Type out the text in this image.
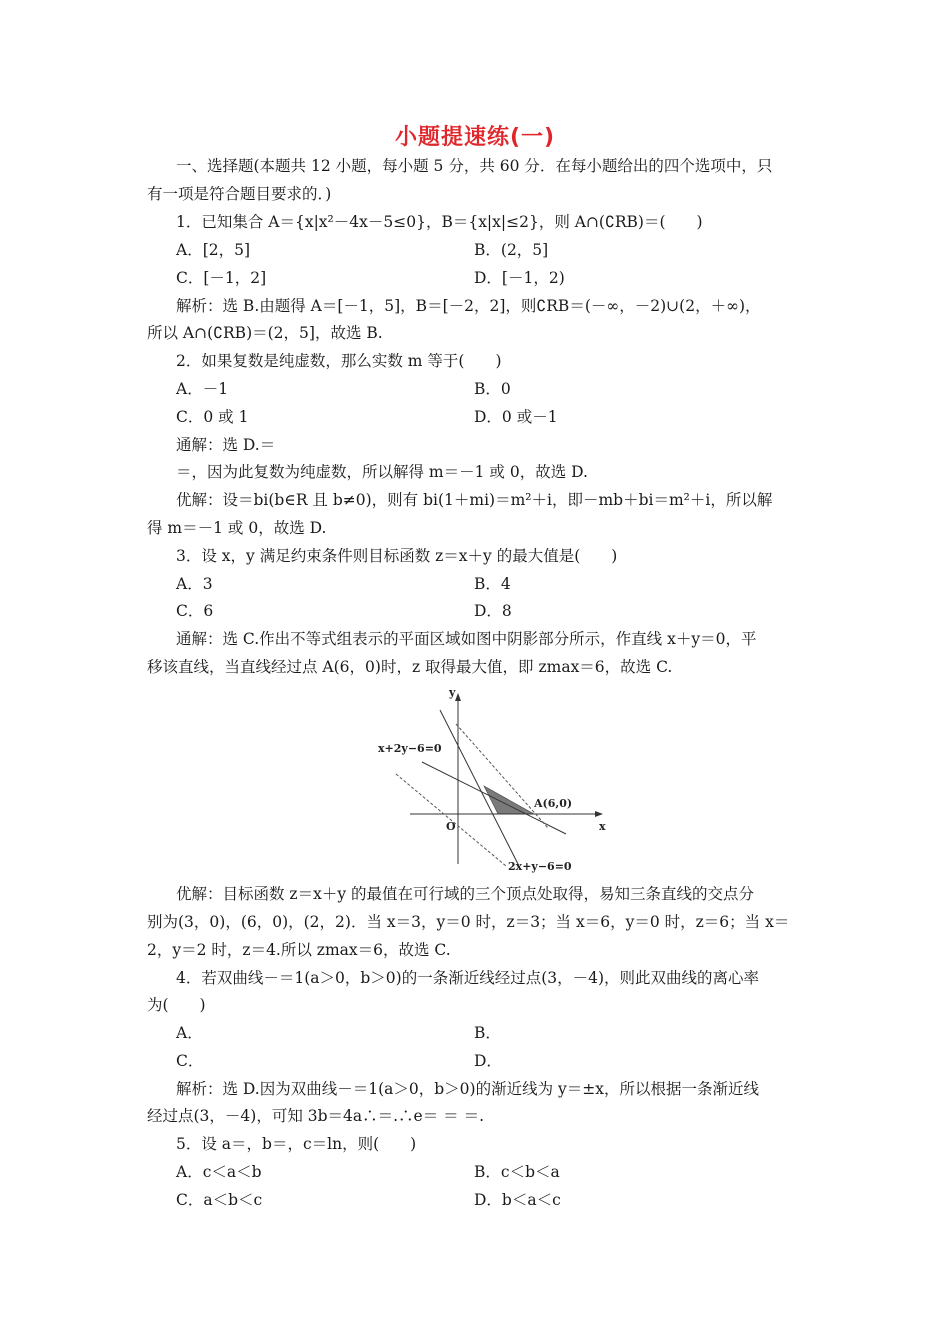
小题提速练(一)
一、选择题(本题共 12 小题，每小题 5 分，共 60 分．在每小题给出的四个选项中，只
有一项是符合题目要求的．)
1．已知集合 A＝{x|x²－4x－5≤0}，B＝{x|x|≤2}，则 A∩(∁RB)＝(　　)
A．[2，5]	B．(2，5]
C．[－1，2]	D．[－1，2)
解析：选 B.由题得 A＝[－1，5]，B＝[－2，2]，则∁RB＝(－∞，－2)∪(2，＋∞)，
所以 A∩(∁RB)＝(2，5]，故选 B.
2．如果复数是纯虚数，那么实数 m 等于(　　)
A．－1	B．0
C．0 或 1	D．0 或－1
通解：选 D.＝
＝，因为此复数为纯虚数，所以解得 m＝－1 或 0，故选 D.
优解：设＝bi(b∈R 且 b≠0)，则有 bi(1＋mi)＝m²＋i，即－mb＋bi＝m²＋i，所以解
得 m＝－1 或 0，故选 D.
3．设 x，y 满足约束条件则目标函数 z＝x＋y 的最大值是(　　)
A．3	B．4
C．6	D．8
通解：选 C.作出不等式组表示的平面区域如图中阴影部分所示，作直线 x＋y＝0，平
移该直线，当直线经过点 A(6，0)时，z 取得最大值，即 zmax＝6，故选 C.
y
x
O
x+2y−6=0
2x+y−6=0
A(6,0)
优解：目标函数 z＝x＋y 的最值在可行域的三个顶点处取得，易知三条直线的交点分
别为(3，0)，(6，0)，(2，2)．当 x＝3，y＝0 时，z＝3；当 x＝6，y＝0 时，z＝6；当 x＝
2，y＝2 时，z＝4.所以 zmax＝6，故选 C.
4．若双曲线－＝1(a＞0，b＞0)的一条渐近线经过点(3，－4)，则此双曲线的离心率
为(　　)
A．	B．
C．	D．
解析：选 D.因为双曲线－＝1(a＞0，b＞0)的渐近线为 y＝±x，所以根据一条渐近线
经过点(3，－4)，可知 3b＝4a∴＝.∴e＝ ＝ ＝.
5．设 a＝，b＝，c＝ln，则(　　)
A．c＜a＜b	B．c＜b＜a
C．a＜b＜c	D．b＜a＜c
